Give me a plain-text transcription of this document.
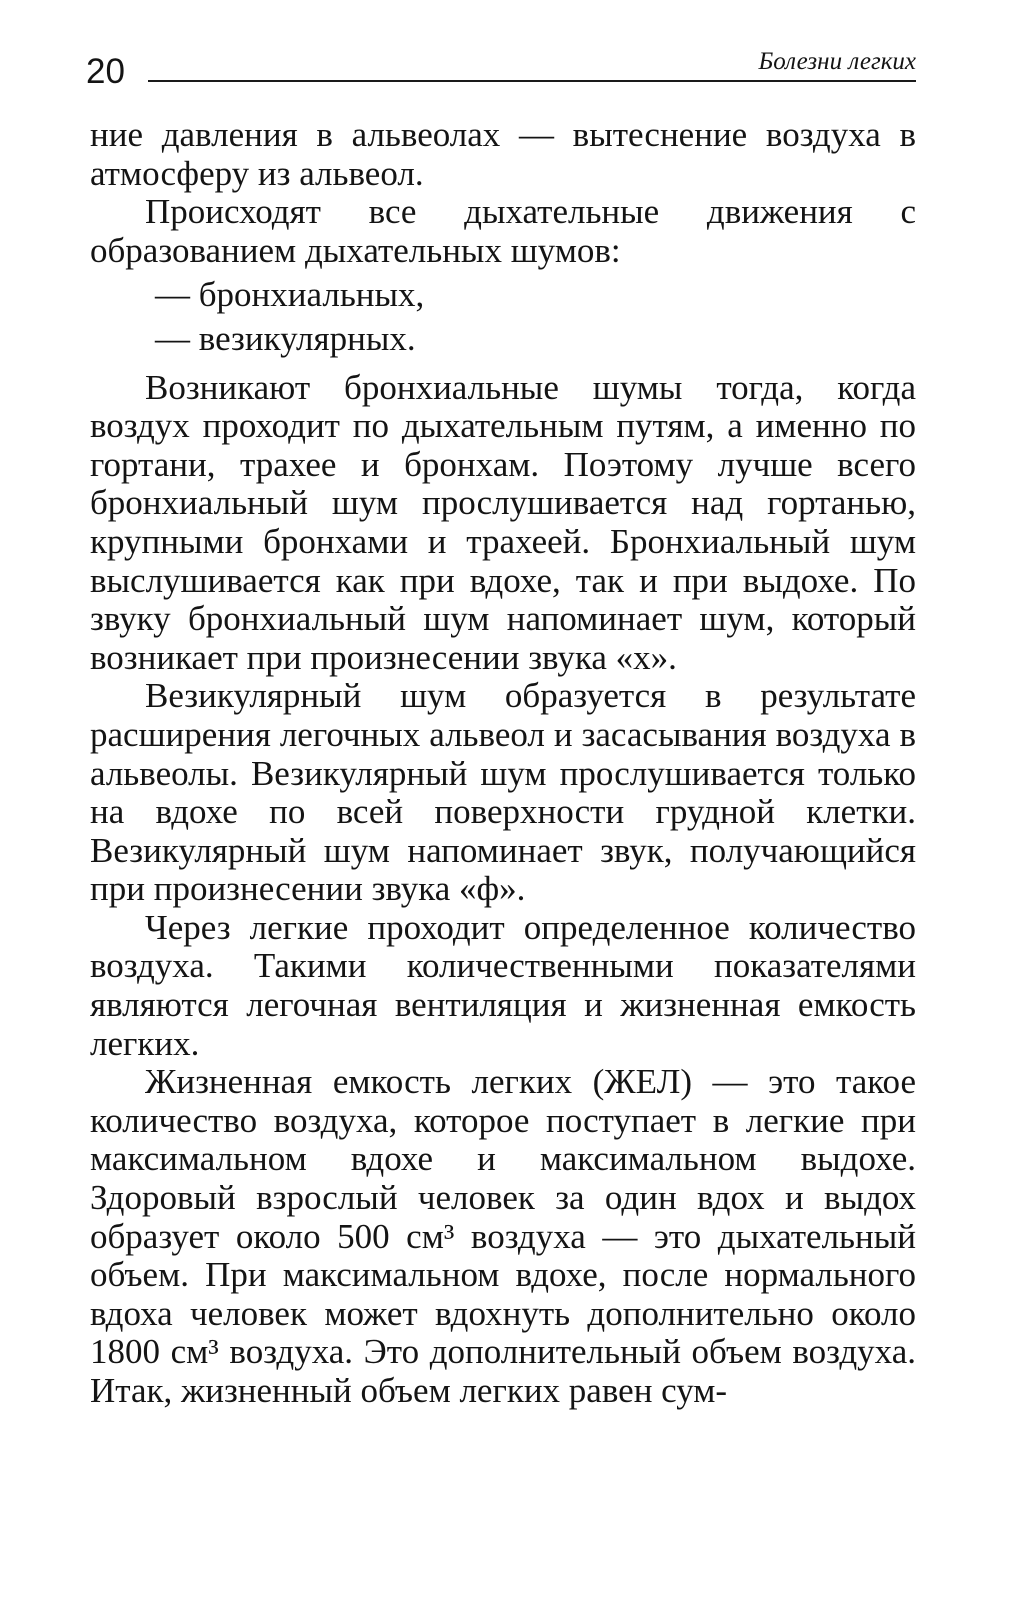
20	Болезни легких

ние давления в альвеолах — вытеснение воздуха в атмосферу из альвеол.

Происходят все дыхательные движения с образованием дыхательных шумов:

— бронхиальных,
— везикулярных.

Возникают бронхиальные шумы тогда, когда воздух проходит по дыхательным путям, а именно по гортани, трахее и бронхам. Поэтому лучше всего бронхиальный шум прослушивается над гортанью, крупными бронхами и трахеей. Бронхиальный шум выслушивается как при вдохе, так и при выдохе. По звуку бронхиальный шум напоминает шум, который возникает при произнесении звука «х».

Везикулярный шум образуется в результате расширения легочных альвеол и засасывания воздуха в альвеолы. Везикулярный шум прослушивается только на вдохе по всей поверхности грудной клетки. Везикулярный шум напоминает звук, получающийся при произнесении звука «ф».

Через легкие проходит определенное количество воздуха. Такими количественными показателями являются легочная вентиляция и жизненная емкость легких.

Жизненная емкость легких (ЖЕЛ) — это такое количество воздуха, которое поступает в легкие при максимальном вдохе и максимальном выдохе. Здоровый взрослый человек за один вдох и выдох образует около 500 см³ воздуха — это дыхательный объем. При максимальном вдохе, после нормального вдоха человек может вдохнуть дополнительно около 1800 см³ воздуха. Это дополнительный объем воздуха. Итак, жизненный объем легких равен сум-
